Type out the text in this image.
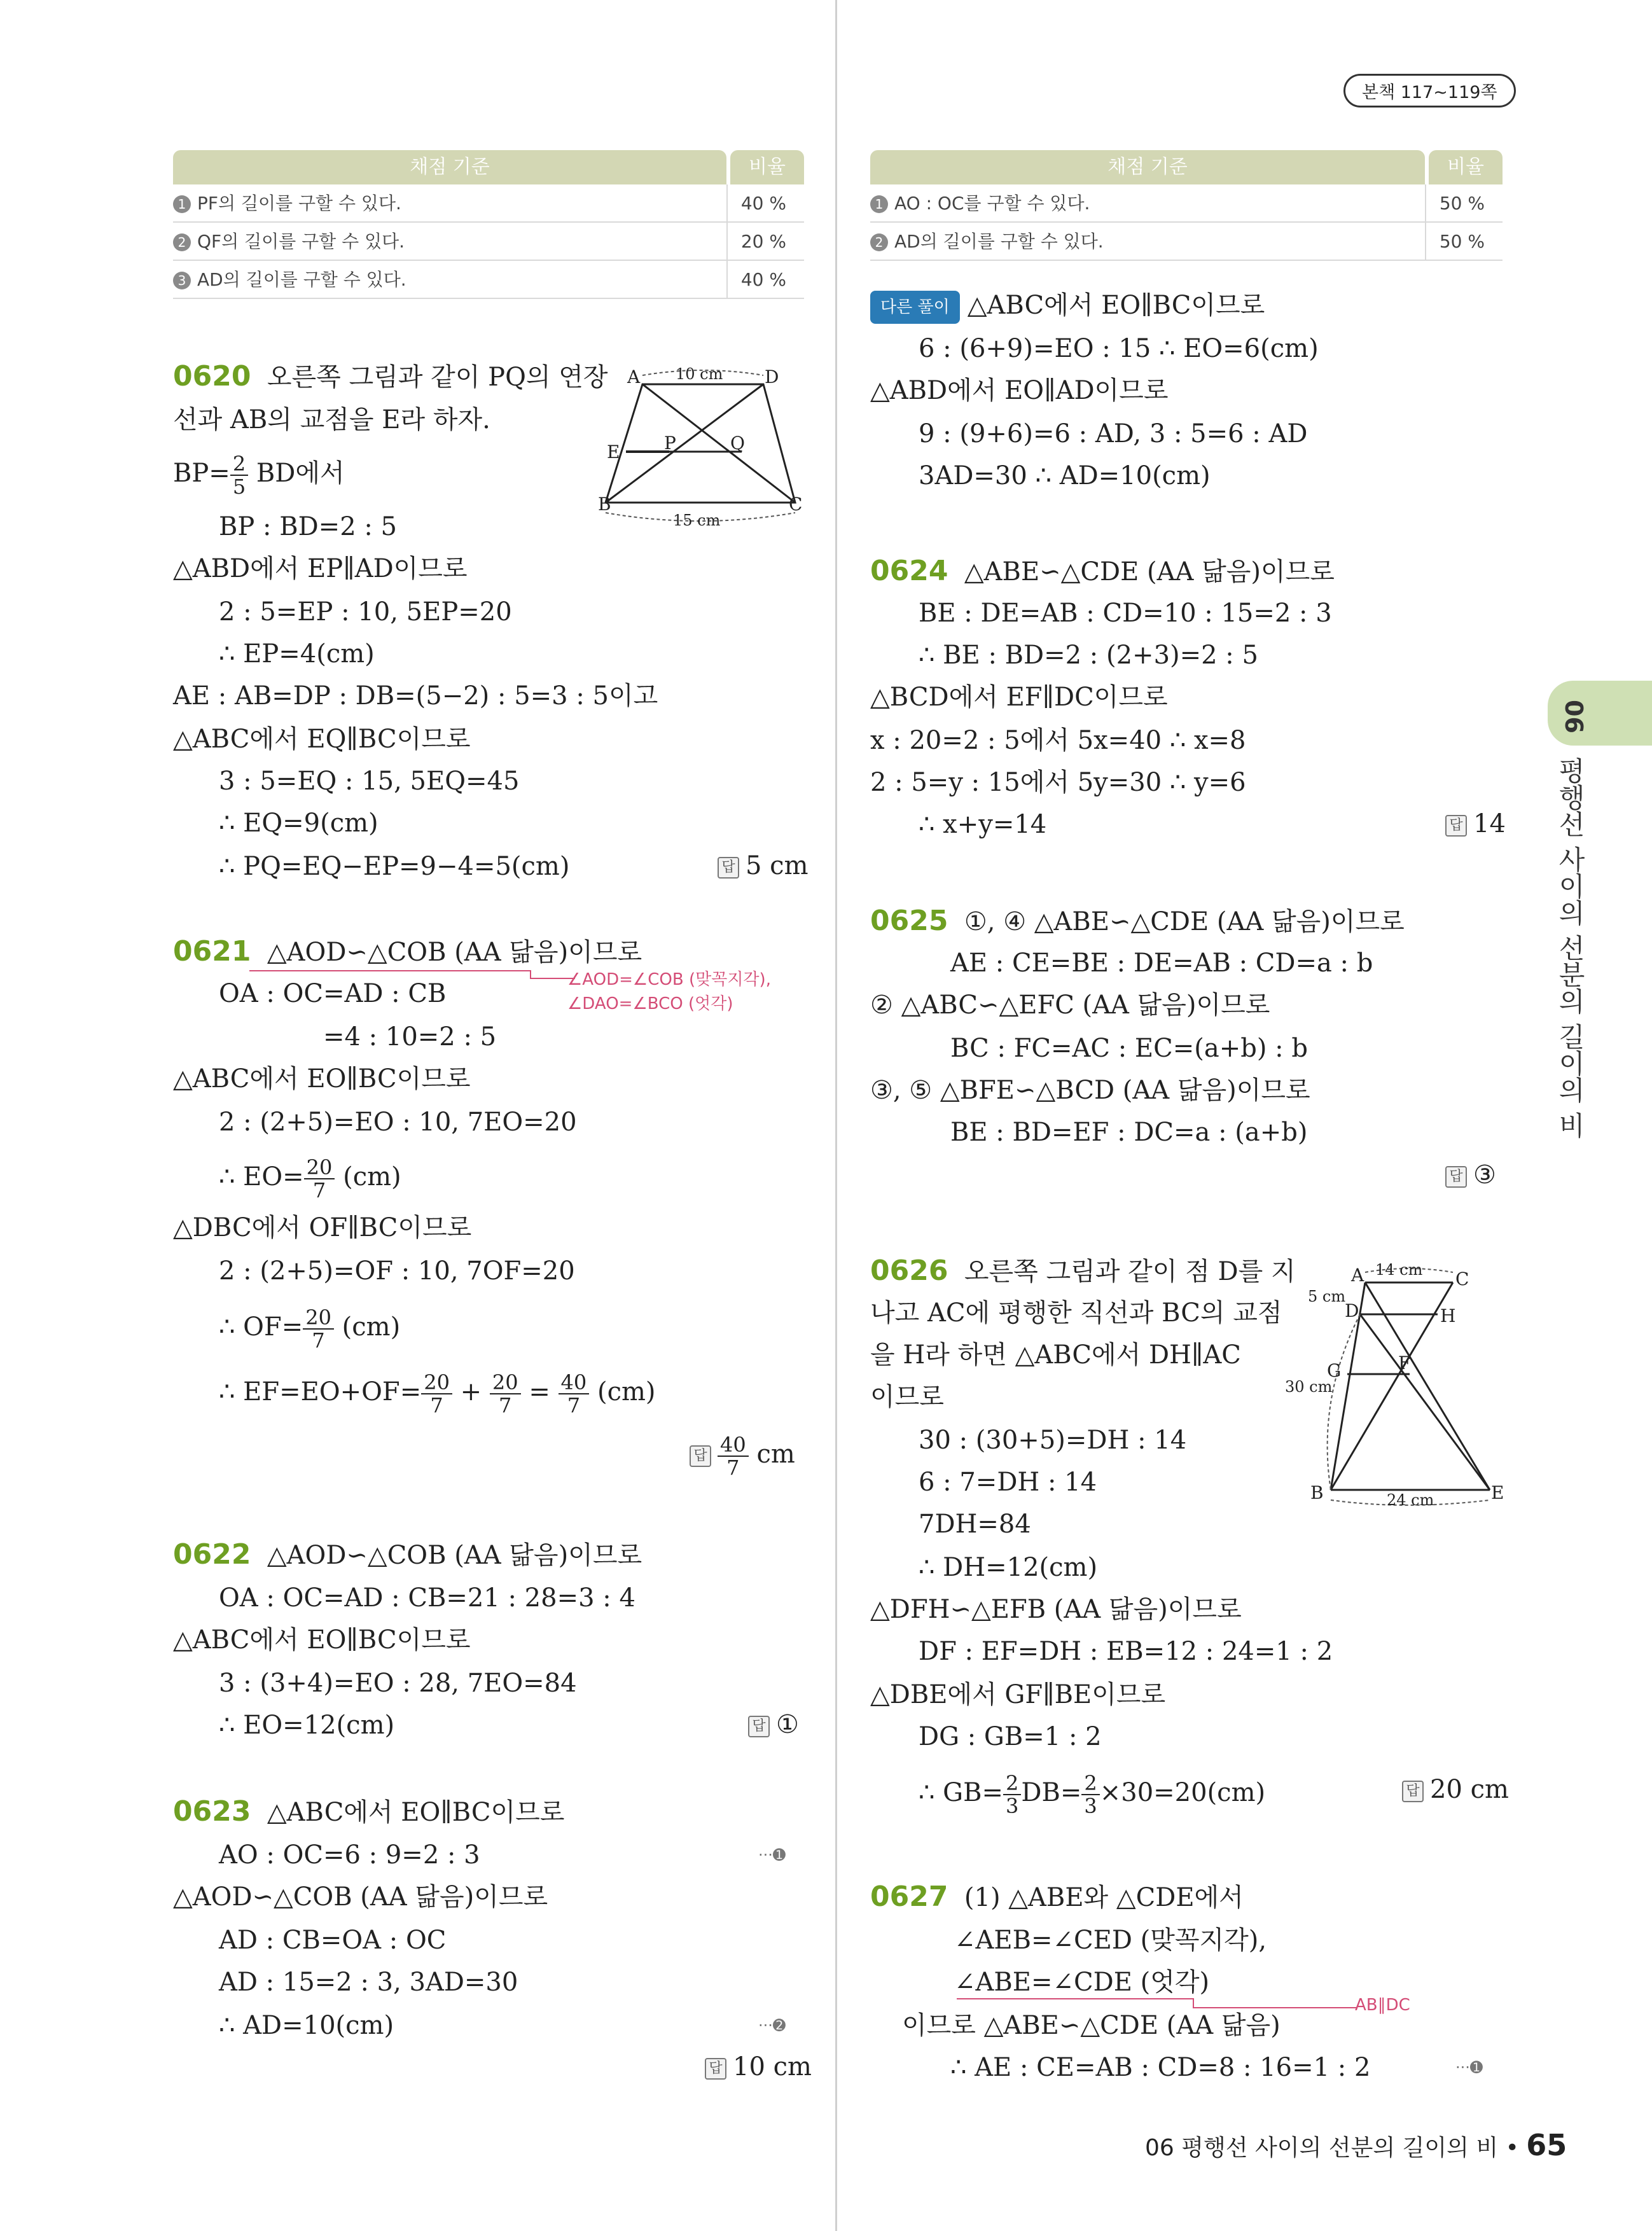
본책 117~119쪽
06
평행선 사이의 선분의 길이의 비
채점 기준	비율
1 PF의 길이를 구할 수 있다.	40 %
2 QF의 길이를 구할 수 있다.	20 %
3 AD의 길이를 구할 수 있다.	40 %
채점 기준	비율
1 AO : OC를 구할 수 있다.	50 %
2 AD의 길이를 구할 수 있다.	50 %
0620 오른쪽 그림과 같이 PQ의 연장
선과 AB의 교점을 E라 하자.
$BP= \frac{2}{5}$ BD에서
BP : BD=2 : 5
△ABD에서 EP∥AD이므로
2 : 5=EP : 10, 5EP=20
∴ EP=4(cm)
AE : AB=DP : DB=(5−2) : 5=3 : 5이고
△ABC에서 EQ∥BC이므로
3 : 5=EQ : 15, 5EQ=45
∴ EQ=9(cm)
∴ PQ=EQ−EP=9−4=5(cm)	답 5 cm
A	D
E P	Q
B	C
10 cm
15 cm
0621 △AOD∽△COB (AA 닮음)이므로
∠AOD=∠COB (맞꼭지각),
∠DAO=∠BCO (엇각)
OA : OC=AD : CB
=4 : 10=2 : 5
△ABC에서 EO∥BC이므로
2 : (2+5)=EO : 10, 7EO=20
∴ $EO= \frac{20}{7} (cm)$
△DBC에서 OF∥BC이므로
2 : (2+5)=OF : 10, 7OF=20
∴ $OF= \frac{20}{7} (cm)$
∴ $EF=EO+OF= \frac{20}{7} + \frac{20}{7} = \frac{40}{7} (cm)$
답 $\frac{40}{7}$ cm
0622 △AOD∽△COB (AA 닮음)이므로
OA : OC=AD : CB=21 : 28=3 : 4
△ABC에서 EO∥BC이므로
3 : (3+4)=EO : 28, 7EO=84
∴ EO=12(cm)	답 ①
0623 △ABC에서 EO∥BC이므로
AO : OC=6 : 9=2 : 3	···➊
△AOD∽△COB (AA 닮음)이므로
AD : CB=OA : OC
AD : 15=2 : 3, 3AD=30
∴ AD=10(cm)	···➋
답 10 cm
다른 풀이 △ABC에서 EO∥BC이므로
6 : (6+9)=EO : 15 ∴ EO=6(cm)
△ABD에서 EO∥AD이므로
9 : (9+6)=6 : AD, 3 : 5=6 : AD
3AD=30 ∴ AD=10(cm)
0624 △ABE∽△CDE (AA 닮음)이므로
BE : DE=AB : CD=10 : 15=2 : 3
∴ BE : BD=2 : (2+3)=2 : 5
△BCD에서 EF∥DC이므로
x : 20=2 : 5에서 5x=40 ∴ x=8
2 : 5=y : 15에서 5y=30 ∴ y=6
∴ x+y=14	답 14
0625 ①, ④ △ABE∽△CDE (AA 닮음)이므로
AE : CE=BE : DE=AB : CD=a : b
② △ABC∽△EFC (AA 닮음)이므로
BC : FC=AC : EC=(a+b) : b
③, ⑤ △BFE∽△BCD (AA 닮음)이므로
BE : BD=EF : DC=a : (a+b)
답 ③
0626 오른쪽 그림과 같이 점 D를 지
나고 AC에 평행한 직선과 BC의 교점
을 H라 하면 △ABC에서 DH∥AC
이므로
30 : (30+5)=DH : 14
6 : 7=DH : 14
7DH=84
∴ DH=12(cm)
△DFH∽△EFB (AA 닮음)이므로
DF : EF=DH : EB=12 : 24=1 : 2
△DBE에서 GF∥BE이므로
DG : GB=1 : 2
∴ $GB= \frac{2}{3} DB= \frac{2}{3} \times 30=20(cm)$	답 20 cm
A	C
D	H
G	F
B	E
14 cm
5 cm
30 cm
24 cm
0627 (1) △ABE와 △CDE에서
∠AEB=∠CED (맞꼭지각),
∠ABE=∠CDE (엇각)
AB∥DC
이므로 △ABE∽△CDE (AA 닮음)
∴ AE : CE=AB : CD=8 : 16=1 : 2	···➊
06 평행선 사이의 선분의 길이의 비 • 65
